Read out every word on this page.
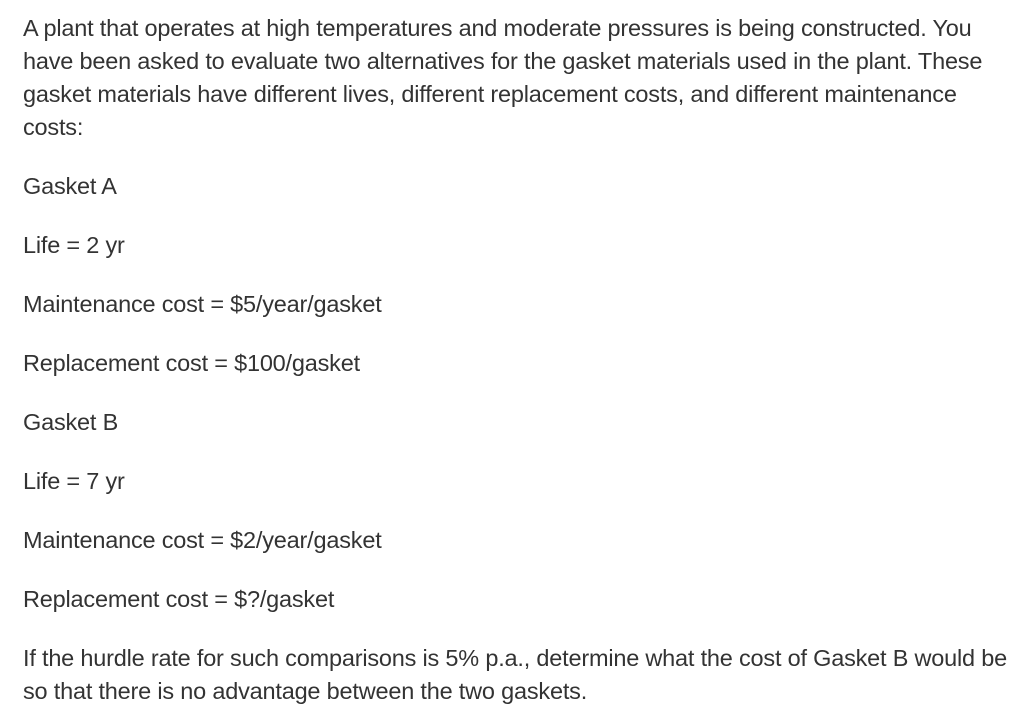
A plant that operates at high temperatures and moderate pressures is being constructed. You have been asked to evaluate two alternatives for the gasket materials used in the plant. These gasket materials have different lives, different replacement costs, and different maintenance costs:

Gasket A

Life = 2 yr

Maintenance cost = $5/year/gasket

Replacement cost = $100/gasket

Gasket B

Life = 7 yr

Maintenance cost = $2/year/gasket

Replacement cost = $?/gasket

If the hurdle rate for such comparisons is 5% p.a., determine what the cost of Gasket B would be so that there is no advantage between the two gaskets.
